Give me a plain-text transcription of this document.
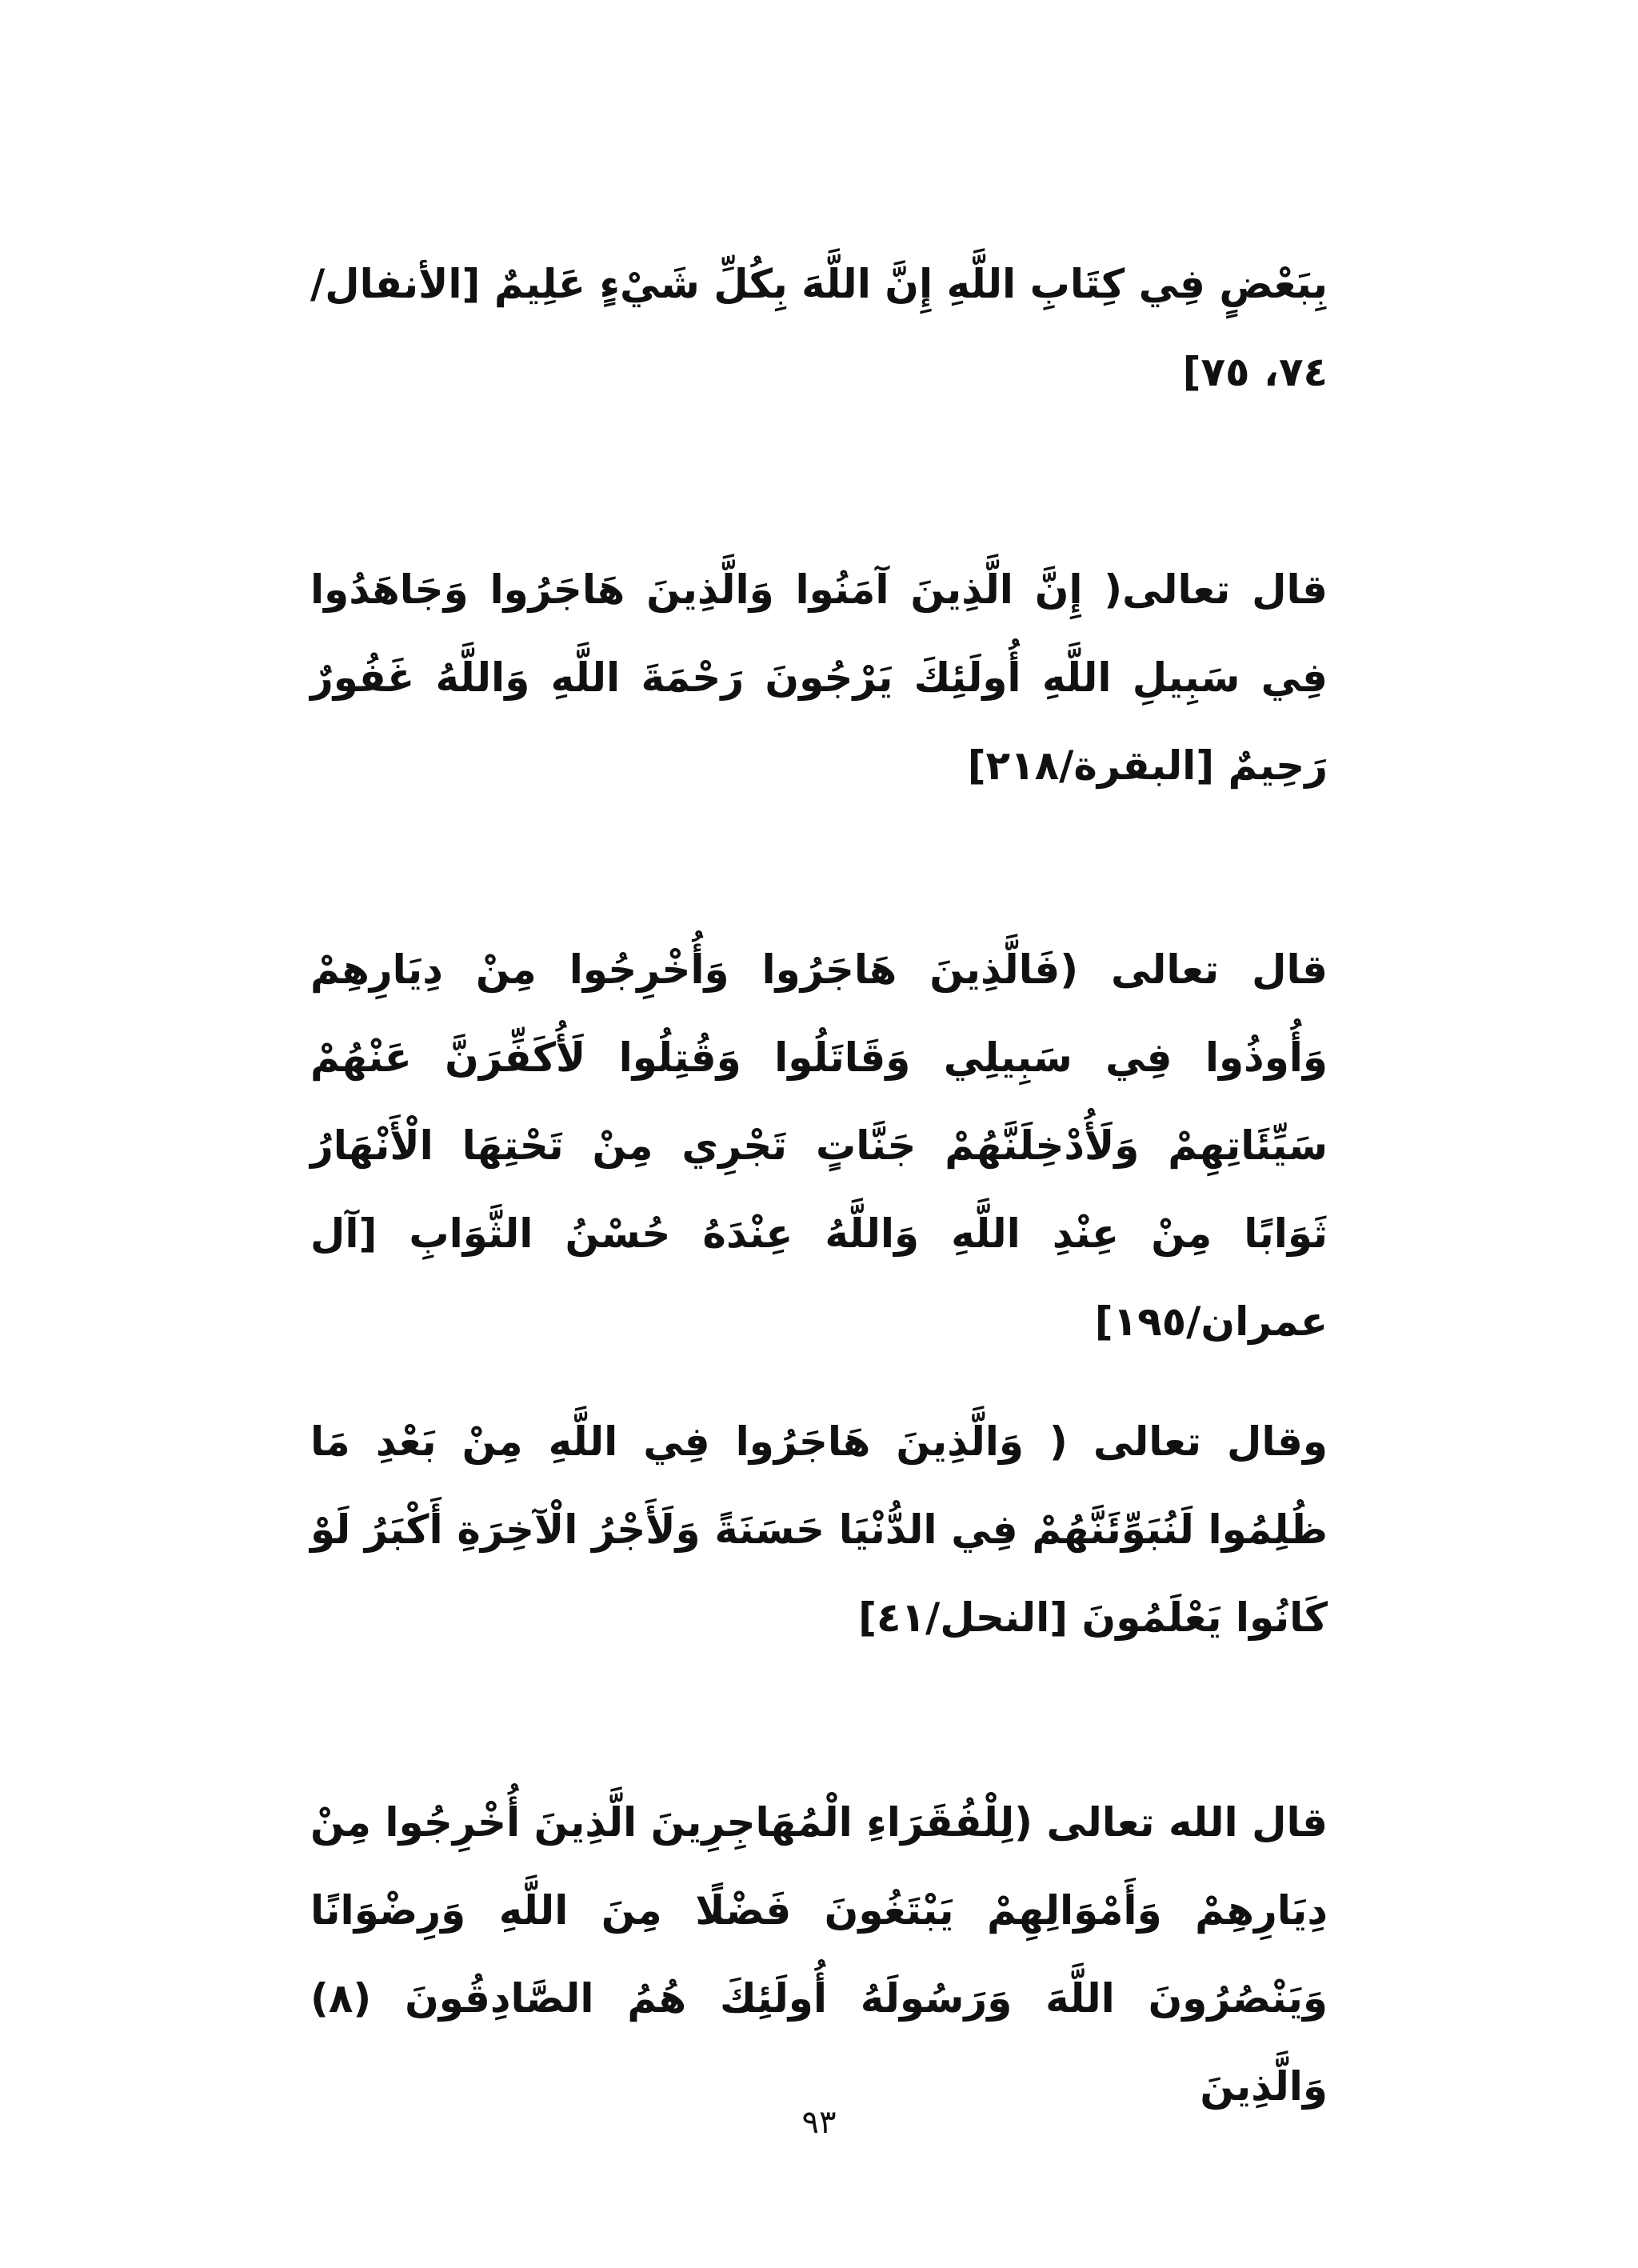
بِبَعْضٍ فِي كِتَابِ اللَّهِ إِنَّ اللَّهَ بِكُلِّ شَيْءٍ عَلِيمٌ [الأنفال/٧٤، ٧٥]

قال تعالى( إِنَّ الَّذِينَ آمَنُوا وَالَّذِينَ هَاجَرُوا وَجَاهَدُوا فِي سَبِيلِ اللَّهِ أُولَئِكَ يَرْجُونَ رَحْمَةَ اللَّهِ وَاللَّهُ غَفُورٌ رَحِيمٌ [البقرة/٢١٨]

قال تعالى (فَالَّذِينَ هَاجَرُوا وَأُخْرِجُوا مِنْ دِيَارِهِمْ وَأُوذُوا فِي سَبِيلِي وَقَاتَلُوا وَقُتِلُوا لَأُكَفِّرَنَّ عَنْهُمْ سَيِّئَاتِهِمْ وَلَأُدْخِلَنَّهُمْ جَنَّاتٍ تَجْرِي مِنْ تَحْتِهَا الْأَنْهَارُ ثَوَابًا مِنْ عِنْدِ اللَّهِ وَاللَّهُ عِنْدَهُ حُسْنُ الثَّوَابِ [آل عمران/١٩٥]

وقال تعالى ( وَالَّذِينَ هَاجَرُوا فِي اللَّهِ مِنْ بَعْدِ مَا ظُلِمُوا لَنُبَوِّئَنَّهُمْ فِي الدُّنْيَا حَسَنَةً وَلَأَجْرُ الْآخِرَةِ أَكْبَرُ لَوْ كَانُوا يَعْلَمُونَ [النحل/٤١]

قال الله تعالى (لِلْفُقَرَاءِ الْمُهَاجِرِينَ الَّذِينَ أُخْرِجُوا مِنْ دِيَارِهِمْ وَأَمْوَالِهِمْ يَبْتَغُونَ فَضْلًا مِنَ اللَّهِ وَرِضْوَانًا وَيَنْصُرُونَ اللَّهَ وَرَسُولَهُ أُولَئِكَ هُمُ الصَّادِقُونَ (٨) وَالَّذِينَ

٩٣
